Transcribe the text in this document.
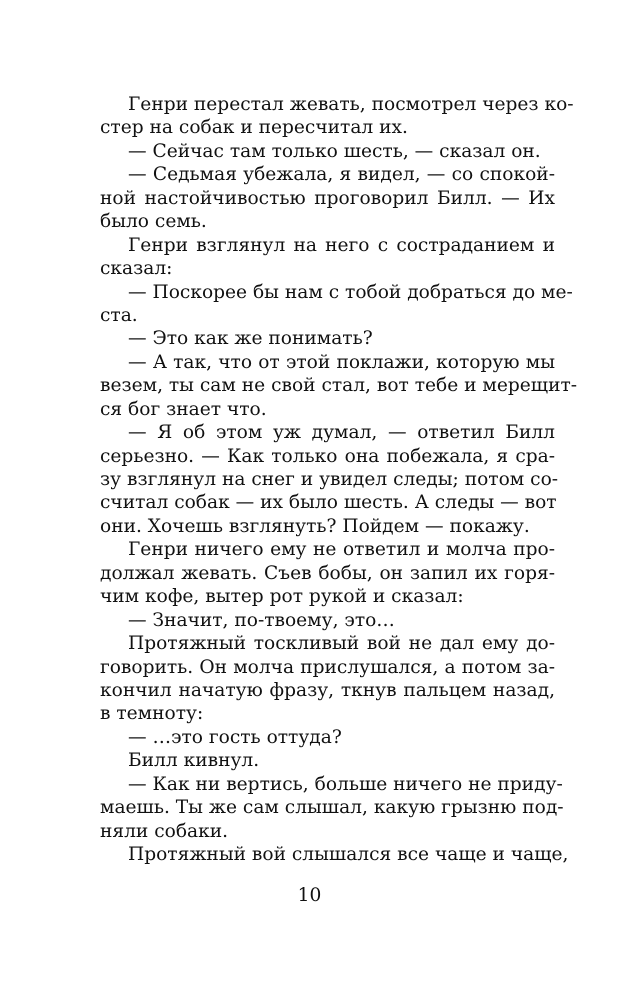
Генри перестал жевать, посмотрел через ко-
стер на собак и пересчитал их.
— Сейчас там только шесть, — сказал он.
— Седьмая убежала, я видел, — со спокой-
ной настойчивостью проговорил Билл. — Их
было семь.
Генри взглянул на него с состраданием и
сказал:
— Поскорее бы нам с тобой добраться до ме-
ста.
— Это как же понимать?
— А так, что от этой поклажи, которую мы
везем, ты сам не свой стал, вот тебе и мерещит-
ся бог знает что.
— Я об этом уж думал, — ответил Билл
серьезно. — Как только она побежала, я сра-
зу взглянул на снег и увидел следы; потом со-
считал собак — их было шесть. А следы — вот
они. Хочешь взглянуть? Пойдем — покажу.
Генри ничего ему не ответил и молча про-
должал жевать. Съев бобы, он запил их горя-
чим кофе, вытер рот рукой и сказал:
— Значит, по-твоему, это…
Протяжный тоскливый вой не дал ему до-
говорить. Он молча прислушался, а потом за-
кончил начатую фразу, ткнув пальцем назад,
в темноту:
— …это гость оттуда?
Билл кивнул.
— Как ни вертись, больше ничего не приду-
маешь. Ты же сам слышал, какую грызню под-
няли собаки.
Протяжный вой слышался все чаще и чаще,
10
